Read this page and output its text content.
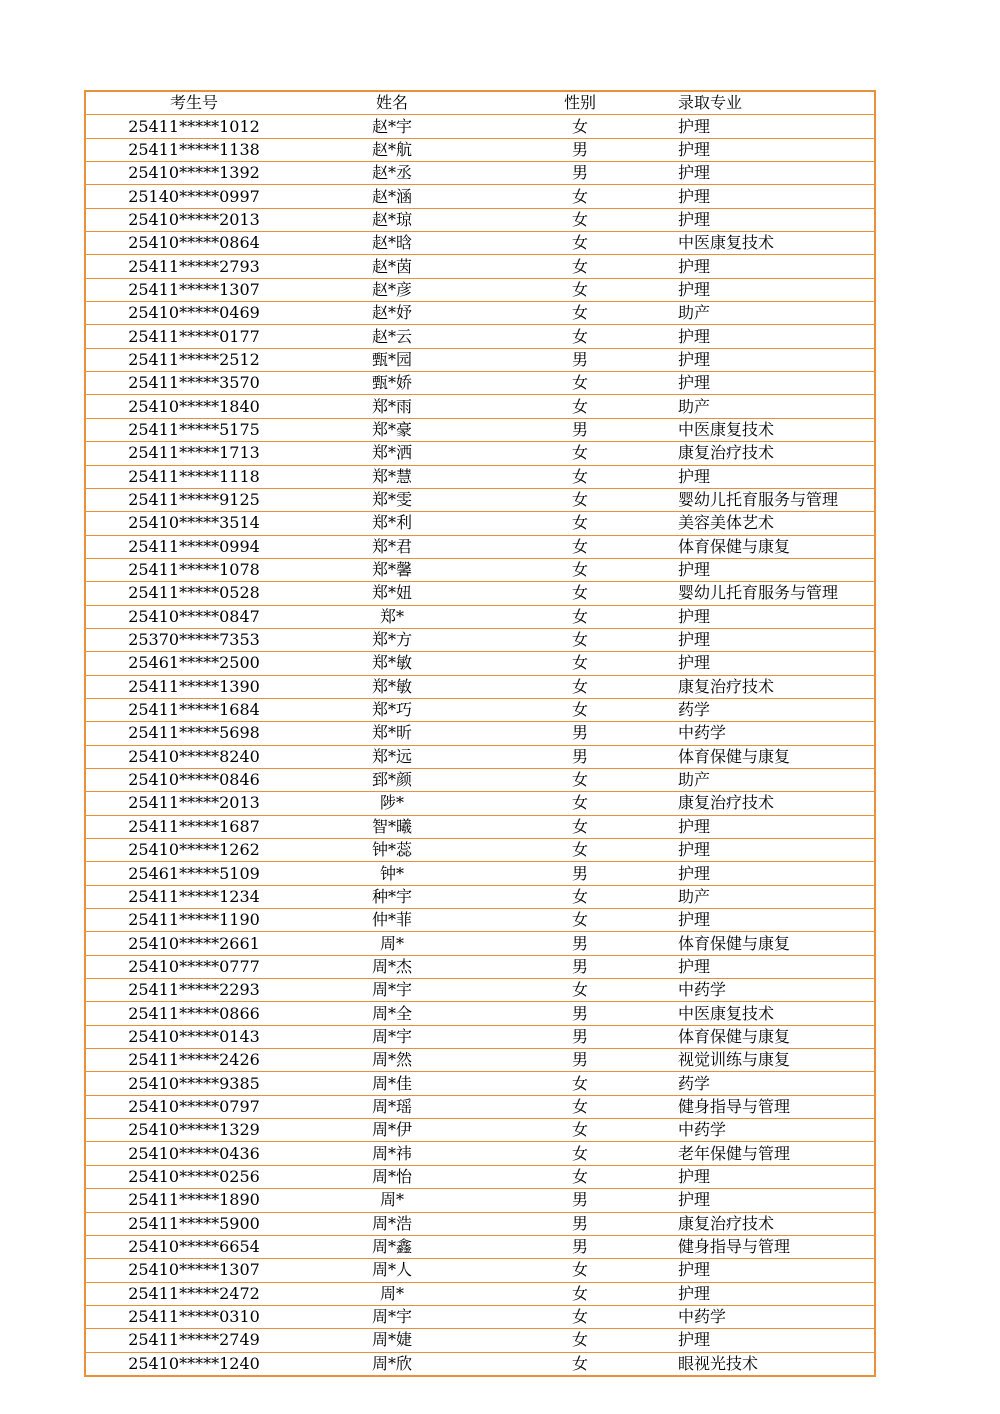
考生号	姓名	性别	录取专业
25411*****1012	赵*宇	女	护理
25411*****1138	赵*航	男	护理
25410*****1392	赵*丞	男	护理
25140*****0997	赵*涵	女	护理
25410*****2013	赵*琼	女	护理
25410*****0864	赵*晗	女	中医康复技术
25411*****2793	赵*茵	女	护理
25411*****1307	赵*彦	女	护理
25410*****0469	赵*妤	女	助产
25411*****0177	赵*云	女	护理
25411*****2512	甄*园	男	护理
25411*****3570	甄*娇	女	护理
25410*****1840	郑*雨	女	助产
25411*****5175	郑*豪	男	中医康复技术
25411*****1713	郑*洒	女	康复治疗技术
25411*****1118	郑*慧	女	护理
25411*****9125	郑*雯	女	婴幼儿托育服务与管理
25410*****3514	郑*利	女	美容美体艺术
25411*****0994	郑*君	女	体育保健与康复
25411*****1078	郑*馨	女	护理
25411*****0528	郑*妞	女	婴幼儿托育服务与管理
25410*****0847	郑*	女	护理
25370*****7353	郑*方	女	护理
25461*****2500	郑*敏	女	护理
25411*****1390	郑*敏	女	康复治疗技术
25411*****1684	郑*巧	女	药学
25411*****5698	郑*昕	男	中药学
25410*****8240	郑*远	男	体育保健与康复
25410*****0846	郅*颜	女	助产
25411*****2013	陟*	女	康复治疗技术
25411*****1687	智*曦	女	护理
25410*****1262	钟*蕊	女	护理
25461*****5109	钟*	男	护理
25411*****1234	种*宇	女	助产
25411*****1190	仲*菲	女	护理
25410*****2661	周*	男	体育保健与康复
25410*****0777	周*杰	男	护理
25411*****2293	周*宇	女	中药学
25411*****0866	周*全	男	中医康复技术
25410*****0143	周*宇	男	体育保健与康复
25411*****2426	周*然	男	视觉训练与康复
25410*****9385	周*佳	女	药学
25410*****0797	周*瑶	女	健身指导与管理
25410*****1329	周*伊	女	中药学
25410*****0436	周*祎	女	老年保健与管理
25410*****0256	周*怡	女	护理
25411*****1890	周*	男	护理
25411*****5900	周*浩	男	康复治疗技术
25410*****6654	周*鑫	男	健身指导与管理
25410*****1307	周*人	女	护理
25411*****2472	周*	女	护理
25411*****0310	周*宇	女	中药学
25411*****2749	周*婕	女	护理
25410*****1240	周*欣	女	眼视光技术
